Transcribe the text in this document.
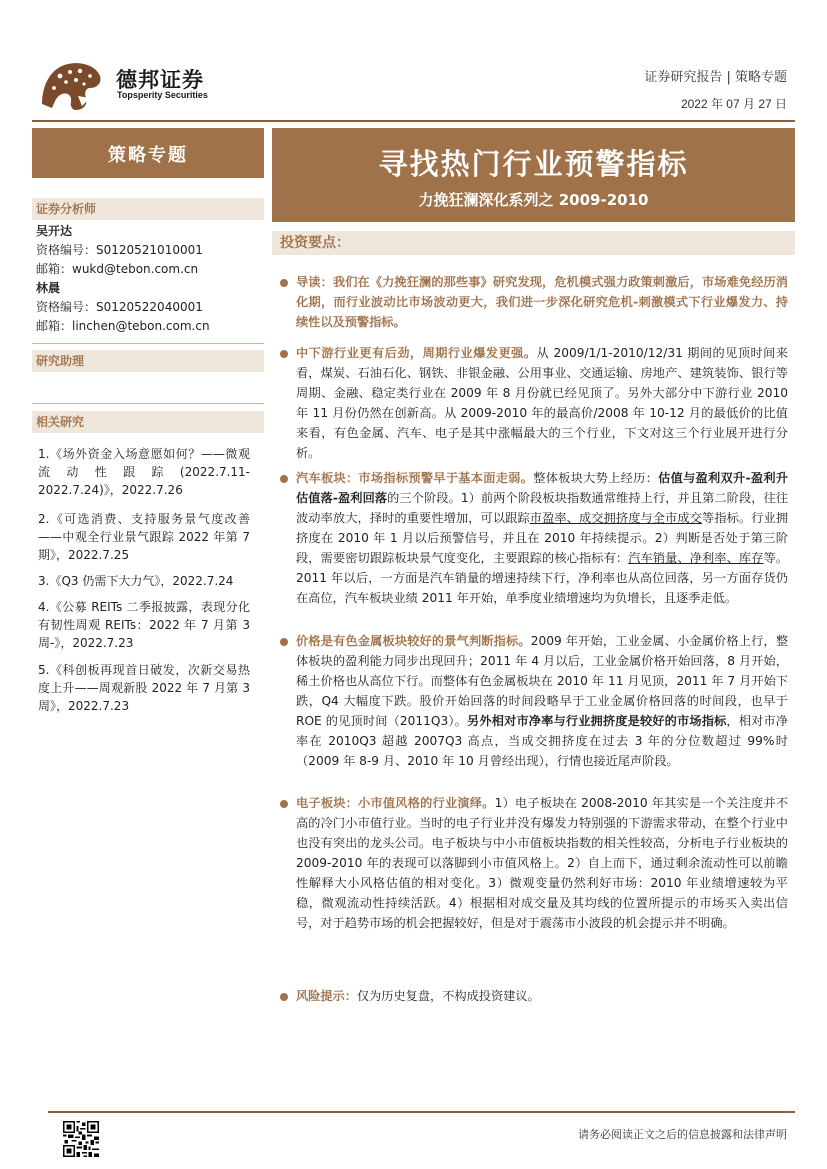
德邦证券
Topsperity Securities
证券研究报告 | 策略专题
2022 年 07 月 27 日
策略专题	寻找热门行业预警指标
力挽狂澜深化系列之 2009-2010
证券分析师
吴开达
资格编号：S0120521010001
邮箱：wukd@tebon.com.cn
林晨
资格编号：S0120522040001
邮箱：linchen@tebon.com.cn
研究助理
相关研究
1.《场外资金入场意愿如何？——微观流动性跟踪(2022.7.11-2022.7.24)》，2022.7.26
2.《可选消费、支持服务景气度改善——中观全行业景气跟踪 2022 年第 7 期》，2022.7.25
3.《Q3 仍需下大力气》，2022.7.24
4.《公募 REITs 二季报披露，表现分化有韧性周观 REITs：2022 年 7 月第 3 周-》，2022.7.23
5.《科创板再现首日破发，次新交易热度上升——周观新股 2022 年 7 月第 3 周》，2022.7.23
投资要点：
导读：我们在《力挽狂澜的那些事》研究发现，危机模式强力政策刺激后，市场难免经历消化期，而行业波动比市场波动更大，我们进一步深化研究危机-刺激模式下行业爆发力、持续性以及预警指标。
中下游行业更有后劲，周期行业爆发更强。从 2009/1/1-2010/12/31 期间的见顶时间来看，煤炭、石油石化、钢铁、非银金融、公用事业、交通运输、房地产、建筑装饰、银行等周期、金融、稳定类行业在 2009 年 8 月份就已经见顶了。另外大部分中下游行业 2010 年 11 月份仍然在创新高。从 2009-2010 年的最高价/2008 年 10-12 月的最低价的比值来看，有色金属、汽车、电子是其中涨幅最大的三个行业，下文对这三个行业展开进行分析。
汽车板块：市场指标预警早于基本面走弱。整体板块大势上经历：估值与盈利双升-盈利升估值落-盈利回落的三个阶段。1）前两个阶段板块指数通常维持上行，并且第二阶段，往往波动率放大，择时的重要性增加，可以跟踪市盈率、成交拥挤度与全市成交等指标。行业拥挤度在 2010 年 1 月以后预警信号，并且在 2010 年持续提示。2）判断是否处于第三阶段，需要密切跟踪板块景气度变化，主要跟踪的核心指标有：汽车销量、净利率、库存等。2011 年以后，一方面是汽车销量的增速持续下行，净利率也从高位回落，另一方面存货仍在高位，汽车板块业绩 2011 年开始，单季度业绩增速均为负增长，且逐季走低。
价格是有色金属板块较好的景气判断指标。2009 年开始，工业金属、小金属价格上行，整体板块的盈利能力同步出现回升；2011 年 4 月以后，工业金属价格开始回落，8 月开始，稀土价格也从高位下行。而整体有色金属板块在 2010 年 11 月见顶，2011 年 7 月开始下跌，Q4 大幅度下跌。股价开始回落的时间段略早于工业金属价格回落的时间段，也早于 ROE 的见顶时间（2011Q3）。另外相对市净率与行业拥挤度是较好的市场指标，相对市净率在 2010Q3 超越 2007Q3 高点，当成交拥挤度在过去 3 年的分位数超过 99%时（2009 年 8-9 月、2010 年 10 月曾经出现），行情也接近尾声阶段。
电子板块：小市值风格的行业演绎。1）电子板块在 2008-2010 年其实是一个关注度并不高的冷门小市值行业。当时的电子行业并没有爆发力特别强的下游需求带动，在整个行业中也没有突出的龙头公司。电子板块与中小市值板块指数的相关性较高，分析电子行业板块的 2009-2010 年的表现可以落脚到小市值风格上。2）自上而下，通过剩余流动性可以前瞻性解释大小风格估值的相对变化。3）微观变量仍然利好市场：2010 年业绩增速较为平稳，微观流动性持续活跃。4）根据相对成交量及其均线的位置所提示的市场买入卖出信号，对于趋势市场的机会把握较好，但是对于震荡市小波段的机会提示并不明确。
风险提示：仅为历史复盘，不构成投资建议。
请务必阅读正文之后的信息披露和法律声明
